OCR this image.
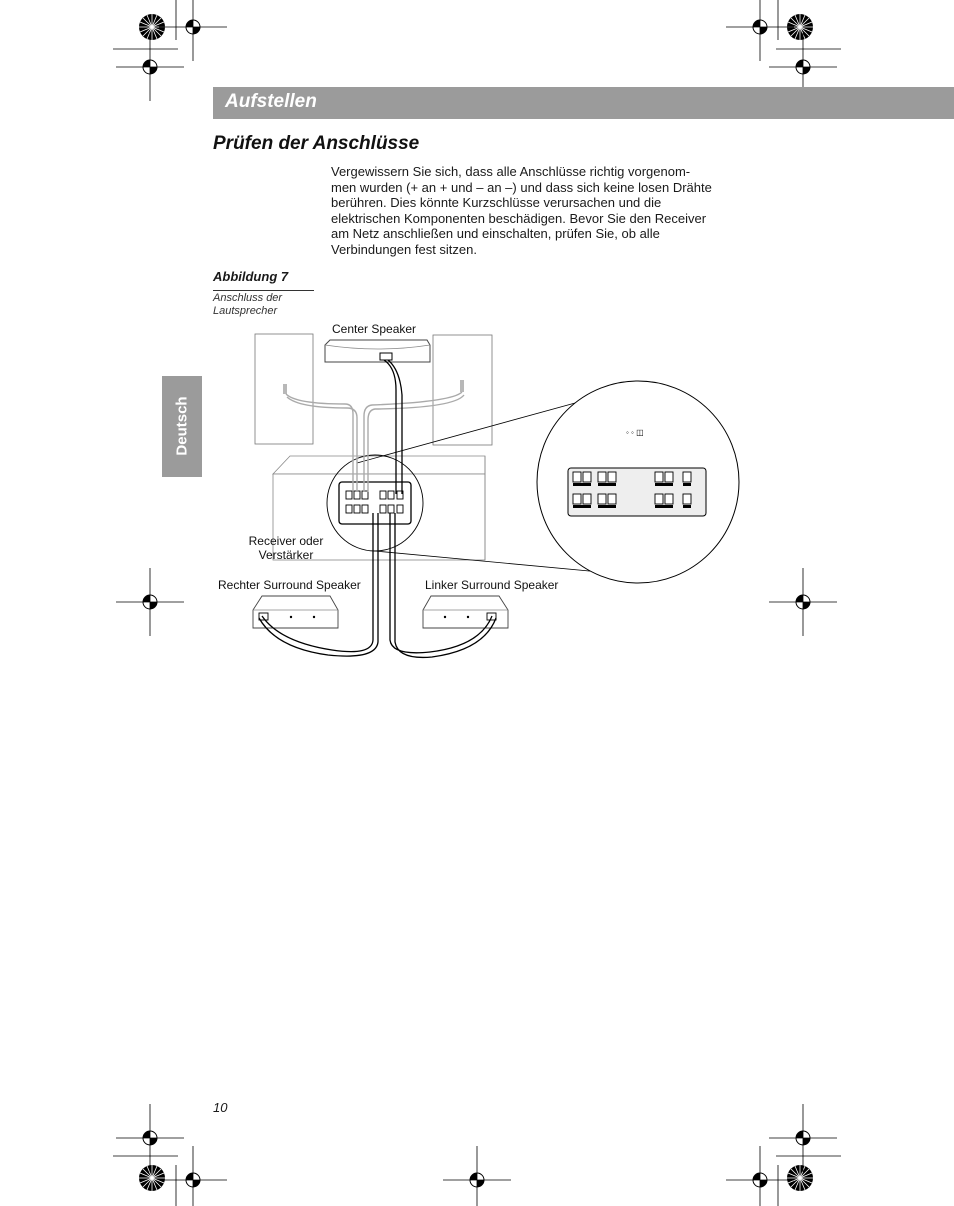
Aufstellen
Prüfen der Anschlüsse

Vergewissern Sie sich, dass alle Anschlüsse richtig vorgenom-
men wurden (+ an + und – an –) und dass sich keine losen Drähte
berühren. Dies könnte Kurzschlüsse verursachen und die
elektrischen Komponenten beschädigen. Bevor Sie den Receiver
am Netz anschließen und einschalten, prüfen Sie, ob alle
Verbindungen fest sitzen.

Abbildung 7
Anschluss der
Lautsprecher
Deutsch	◦ ◦ ◫
Center Speaker
Receiver oder
Verstärker
Rechter Surround Speaker	Linker Surround Speaker
10
